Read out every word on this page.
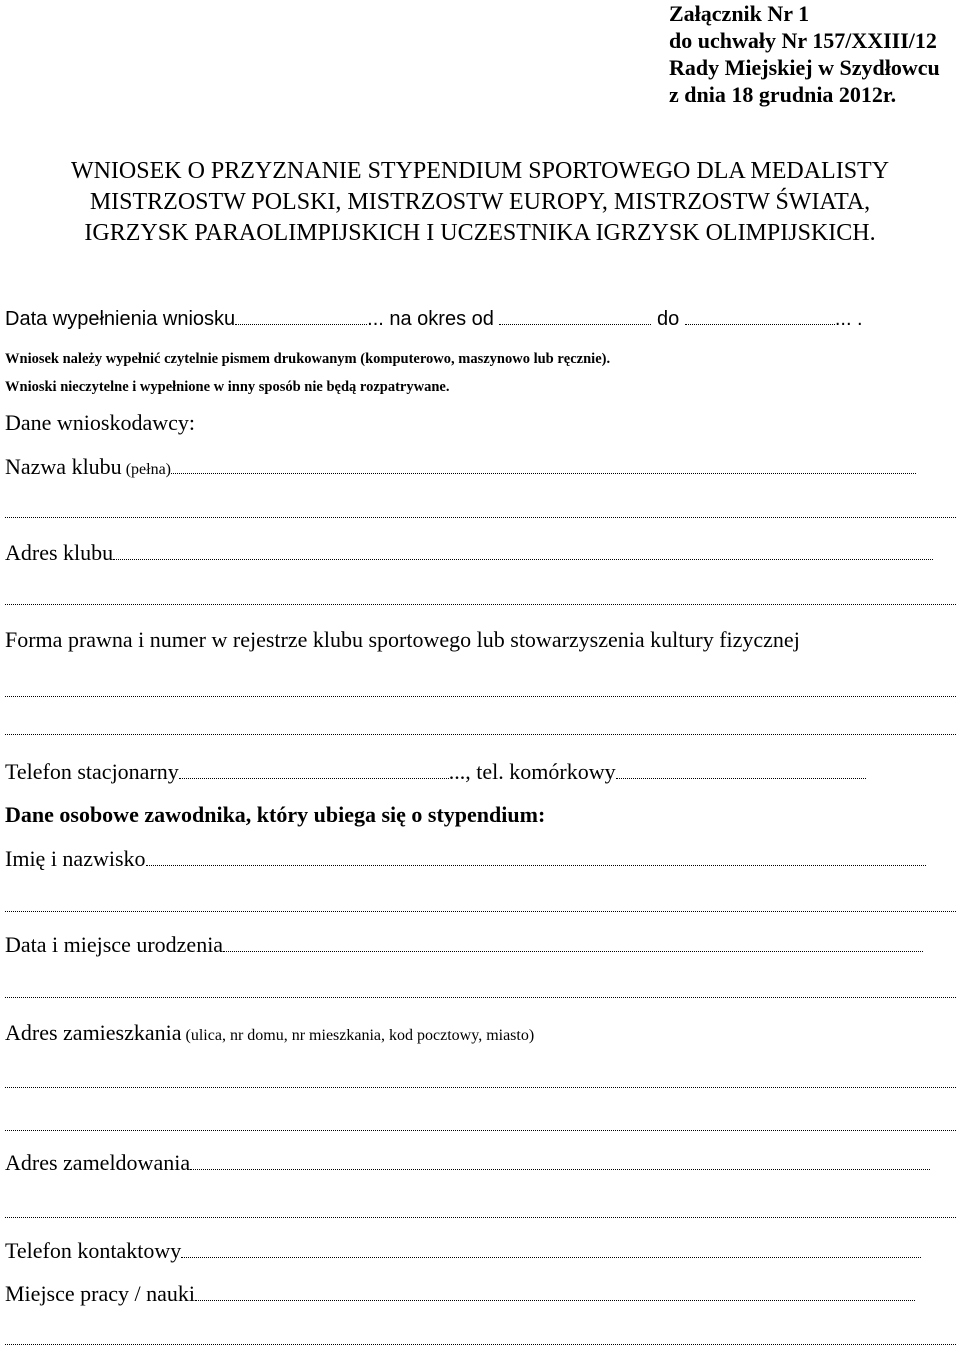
Załącznik Nr 1
do uchwały Nr 157/XXIII/12
Rady Miejskiej w Szydłowcu
z dnia 18 grudnia 2012r.
WNIOSEK O PRZYZNANIE STYPENDIUM SPORTOWEGO DLA MEDALISTY
MISTRZOSTW POLSKI, MISTRZOSTW EUROPY, MISTRZOSTW ŚWIATA,
IGRZYSK PARAOLIMPIJSKICH I UCZESTNIKA IGRZYSK OLIMPIJSKICH.
Data wypełnienia wniosku	... na okres od	do	... .
Wniosek należy wypełnić czytelnie pismem drukowanym (komputerowo, maszynowo lub ręcznie).
Wnioski nieczytelne i wypełnione w inny sposób nie będą rozpatrywane.
Dane wnioskodawcy:
Nazwa klubu (pełna)
Adres klubu
Forma prawna i numer w rejestrze klubu sportowego lub stowarzyszenia kultury fizycznej
Telefon stacjonarny	..., tel. komórkowy
Dane osobowe zawodnika, który ubiega się o stypendium:
Imię i nazwisko
Data i miejsce urodzenia
Adres zamieszkania (ulica, nr domu, nr mieszkania, kod pocztowy, miasto)
Adres zameldowania
Telefon kontaktowy
Miejsce pracy / nauki
